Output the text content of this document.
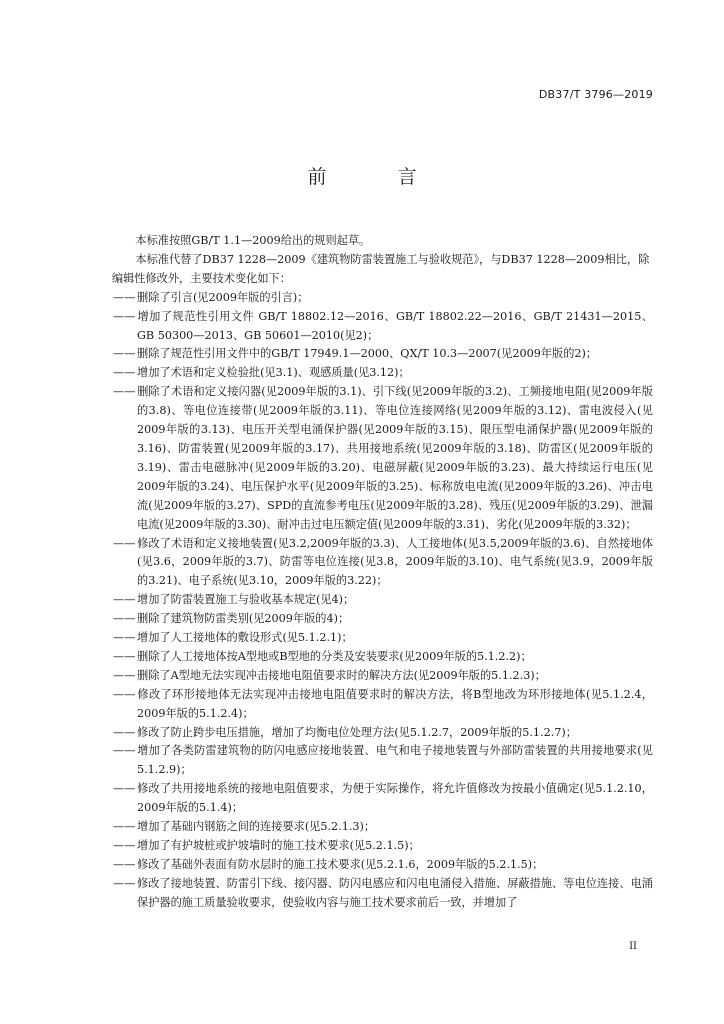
DB37/T 3796—2019
前　言

本标准按照GB/T 1.1—2009给出的规则起草。

本标准代替了DB37 1228—2009《建筑物防雷装置施工与验收规范》，与DB37 1228—2009相比，除

编辑性修改外，主要技术变化如下：

—— 删除了引言(见2009年版的引言)；

—— 增加了规范性引用文件 GB/T 18802.12—2016、GB/T 18802.22—2016、GB/T 21431—2015、GB 50300—2013、GB 50601—2010(见2)；

—— 删除了规范性引用文件中的GB/T 17949.1—2000、QX/T 10.3—2007(见2009年版的2)；

—— 增加了术语和定义检验批(见3.1)、观感质量(见3.12)；

—— 删除了术语和定义接闪器(见2009年版的3.1)、引下线(见2009年版的3.2)、工频接地电阻(见2009年版的3.8)、等电位连接带(见2009年版的3.11)、等电位连接网络(见2009年版的3.12)、雷电波侵入(见2009年版的3.13)、电压开关型电涌保护器(见2009年版的3.15)、限压型电涌保护器(见2009年版的3.16)、防雷装置(见2009年版的3.17)、共用接地系统(见2009年版的3.18)、防雷区(见2009年版的3.19)、雷击电磁脉冲(见2009年版的3.20)、电磁屏蔽(见2009年版的3.23)、最大持续运行电压(见2009年版的3.24)、电压保护水平(见2009年版的3.25)、标称放电电流(见2009年版的3.26)、冲击电流(见2009年版的3.27)、SPD的直流参考电压(见2009年版的3.28)、残压(见2009年版的3.29)、泄漏电流(见2009年版的3.30)、耐冲击过电压额定值(见2009年版的3.31)、劣化(见2009年版的3.32)；

—— 修改了术语和定义接地装置(见3.2,2009年版的3.3)、人工接地体(见3.5,2009年版的3.6)、自然接地体(见3.6，2009年版的3.7)、防雷等电位连接(见3.8，2009年版的3.10)、电气系统(见3.9，2009年版的3.21)、电子系统(见3.10，2009年版的3.22)；

—— 增加了防雷装置施工与验收基本规定(见4)；

—— 删除了建筑物防雷类别(见2009年版的4)；

—— 增加了人工接地体的敷设形式(见5.1.2.1)；

—— 删除了人工接地体按A型地或B型地的分类及安装要求(见2009年版的5.1.2.2)；

—— 删除了A型地无法实现冲击接地电阻值要求时的解决方法(见2009年版的5.1.2.3)；

—— 修改了环形接地体无法实现冲击接地电阻值要求时的解决方法，将B型地改为环形接地体(见5.1.2.4，2009年版的5.1.2.4)；

—— 修改了防止跨步电压措施，增加了均衡电位处理方法(见5.1.2.7，2009年版的5.1.2.7)；

—— 增加了各类防雷建筑物的防闪电感应接地装置、电气和电子接地装置与外部防雷装置的共用接地要求(见5.1.2.9)；

—— 修改了共用接地系统的接地电阻值要求，为便于实际操作，将允许值修改为按最小值确定(见5.1.2.10，2009年版的5.1.4)；

—— 增加了基础内钢筋之间的连接要求(见5.2.1.3)；

—— 增加了有护坡桩或护坡墙时的施工技术要求(见5.2.1.5)；

—— 修改了基础外表面有防水层时的施工技术要求(见5.2.1.6，2009年版的5.2.1.5)；

—— 修改了接地装置、防雷引下线、接闪器、防闪电感应和闪电电涌侵入措施、屏蔽措施、等电位连接、电涌保护器的施工质量验收要求，使验收内容与施工技术要求前后一致，并增加了

II
